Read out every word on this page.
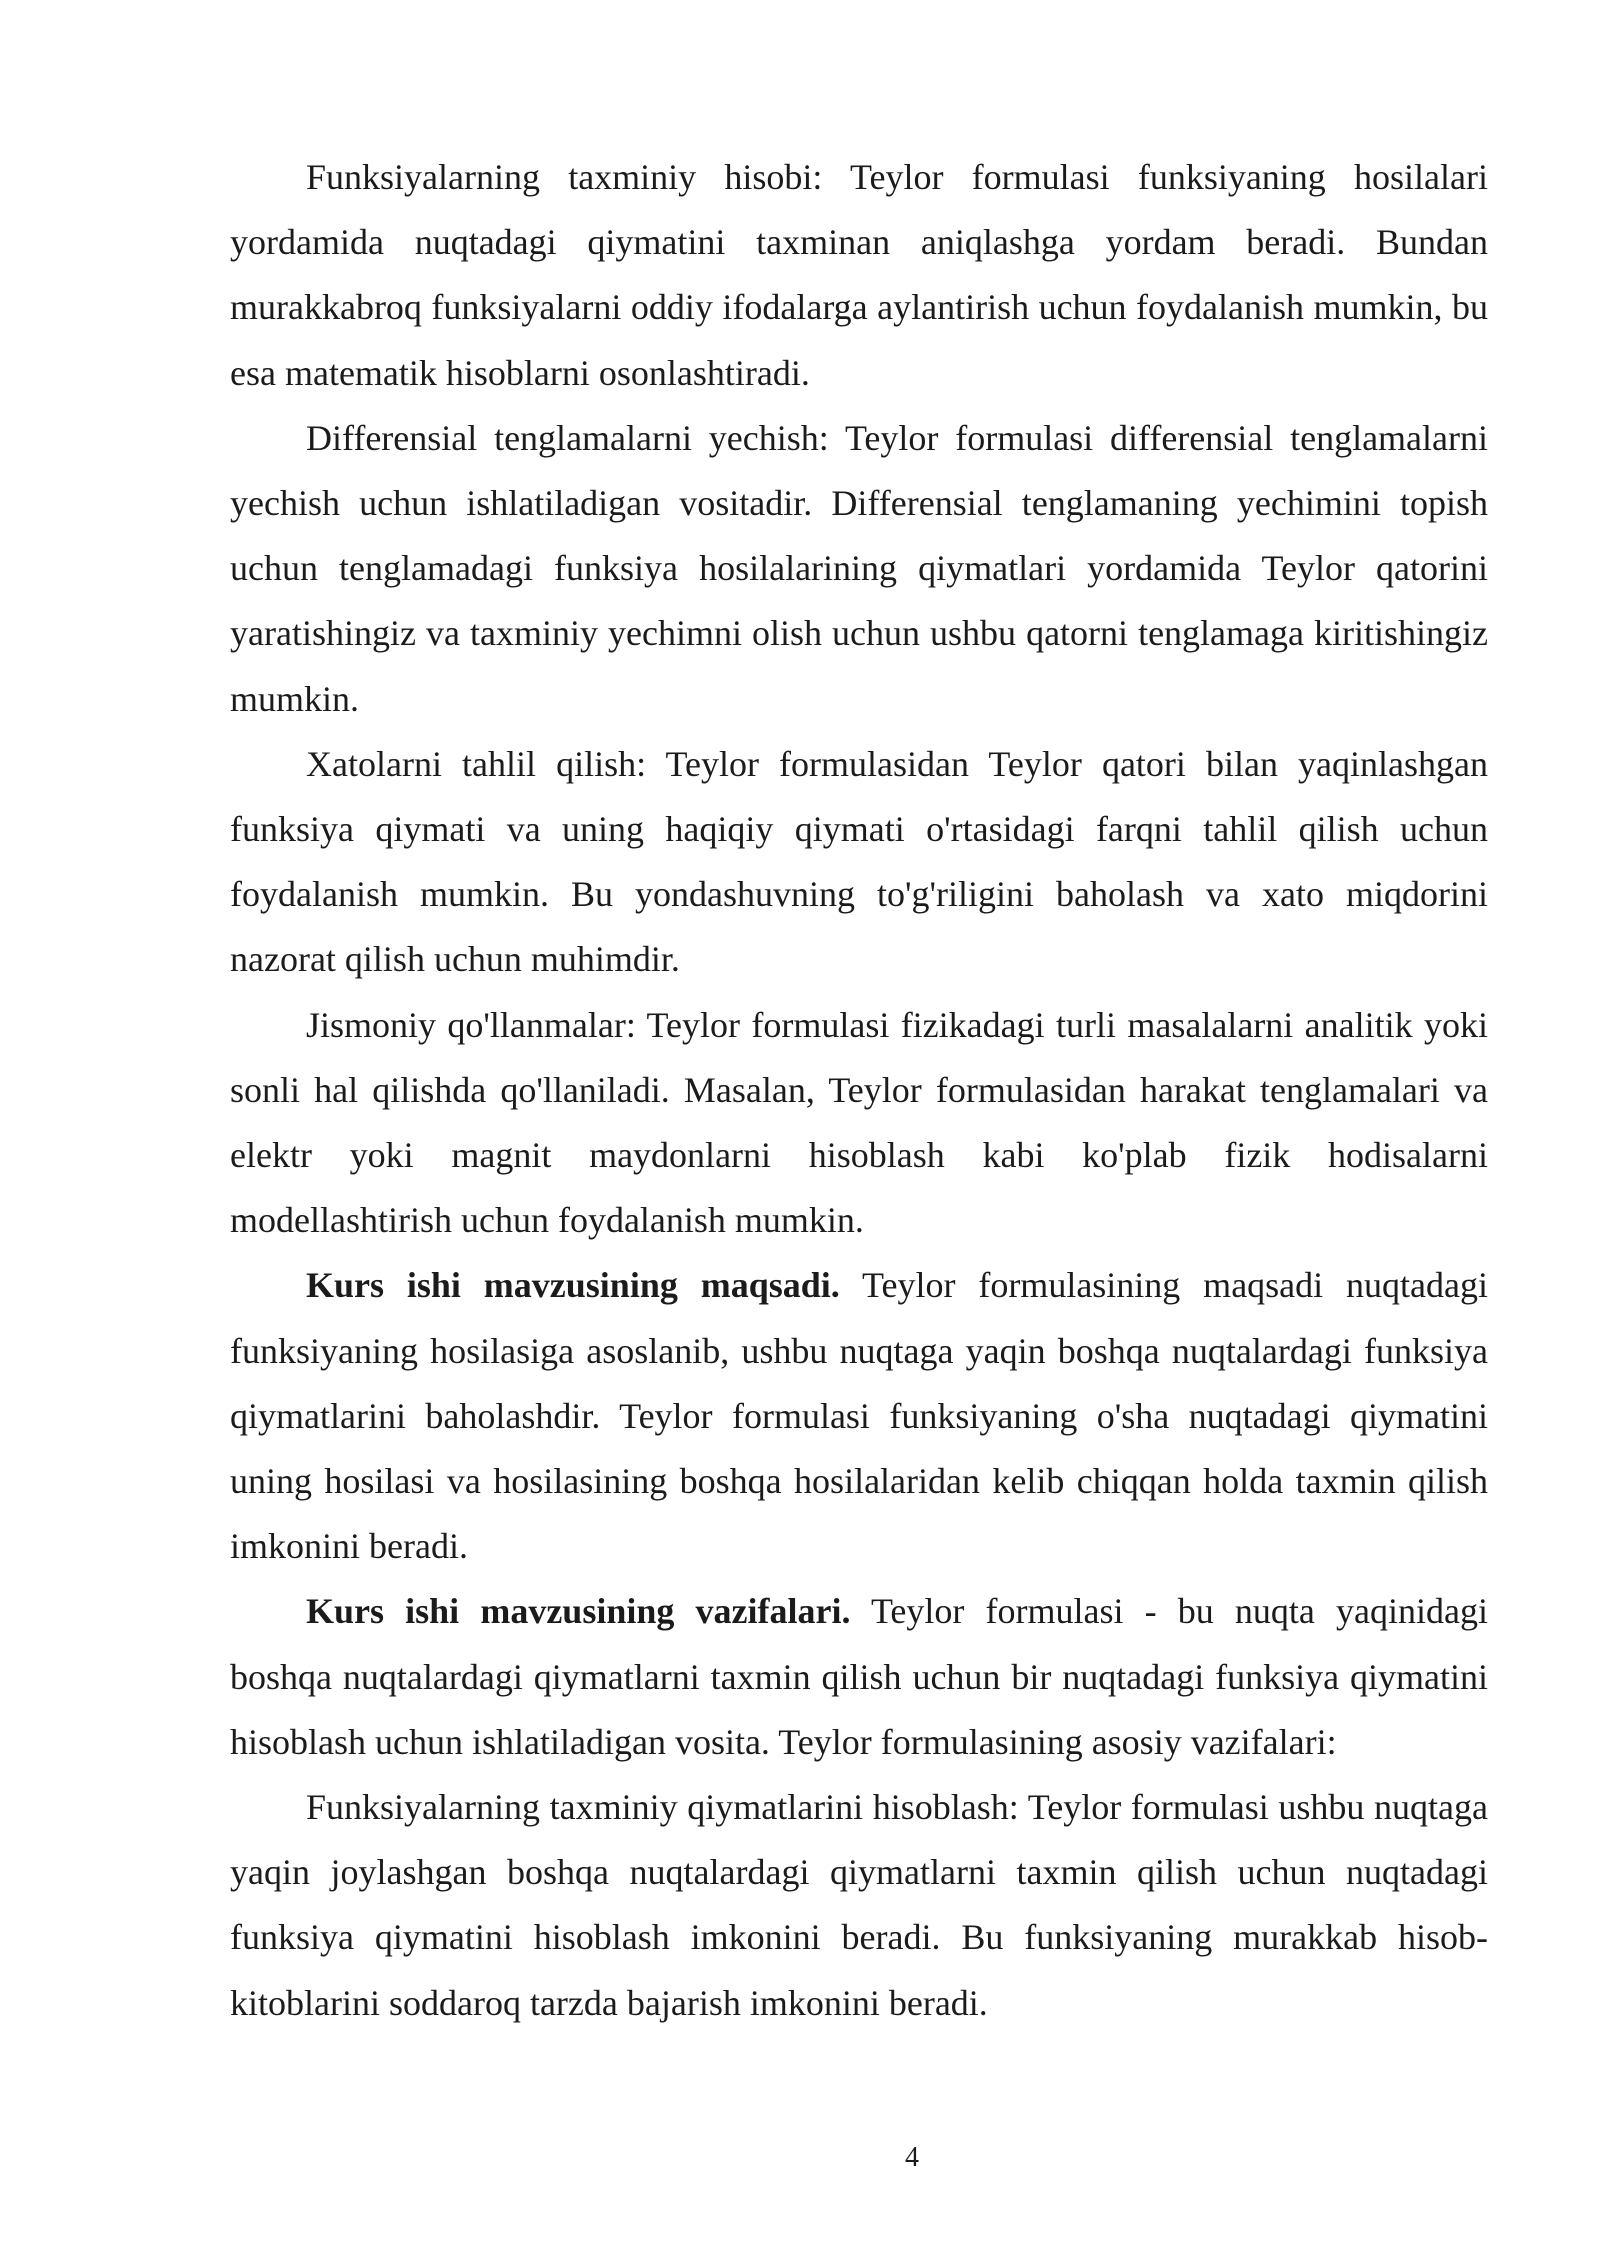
Funksiyalarning taxminiy hisobi: Teylor formulasi funksiyaning hosilalari yordamida nuqtadagi qiymatini taxminan aniqlashga yordam beradi. Bundan murakkabroq funksiyalarni oddiy ifodalarga aylantirish uchun foydalanish mumkin, bu esa matematik hisoblarni osonlashtiradi.

Differensial tenglamalarni yechish: Teylor formulasi differensial tenglamalarni yechish uchun ishlatiladigan vositadir. Differensial tenglamaning yechimini topish uchun tenglamadagi funksiya hosilalarining qiymatlari yordamida Teylor qatorini yaratishingiz va taxminiy yechimni olish uchun ushbu qatorni tenglamaga kiritishingiz mumkin.

Xatolarni tahlil qilish: Teylor formulasidan Teylor qatori bilan yaqinlashgan funksiya qiymati va uning haqiqiy qiymati o'rtasidagi farqni tahlil qilish uchun foydalanish mumkin. Bu yondashuvning to'g'riligini baholash va xato miqdorini nazorat qilish uchun muhimdir.

Jismoniy qo'llanmalar: Teylor formulasi fizikadagi turli masalalarni analitik yoki sonli hal qilishda qo'llaniladi. Masalan, Teylor formulasidan harakat tenglamalari va elektr yoki magnit maydonlarni hisoblash kabi ko'plab fizik hodisalarni modellashtirish uchun foydalanish mumkin.

Kurs ishi mavzusining maqsadi. Teylor formulasining maqsadi nuqtadagi funksiyaning hosilasiga asoslanib, ushbu nuqtaga yaqin boshqa nuqtalardagi funksiya qiymatlarini baholashdir. Teylor formulasi funksiyaning o'sha nuqtadagi qiymatini uning hosilasi va hosilasining boshqa hosilalaridan kelib chiqqan holda taxmin qilish imkonini beradi.

Kurs ishi mavzusining vazifalari. Teylor formulasi - bu nuqta yaqinidagi boshqa nuqtalardagi qiymatlarni taxmin qilish uchun bir nuqtadagi funksiya qiymatini hisoblash uchun ishlatiladigan vosita. Teylor formulasining asosiy vazifalari:

Funksiyalarning taxminiy qiymatlarini hisoblash: Teylor formulasi ushbu nuqtaga yaqin joylashgan boshqa nuqtalardagi qiymatlarni taxmin qilish uchun nuqtadagi funksiya qiymatini hisoblash imkonini beradi. Bu funksiyaning murakkab hisob-kitoblarini soddaroq tarzda bajarish imkonini beradi.

4
